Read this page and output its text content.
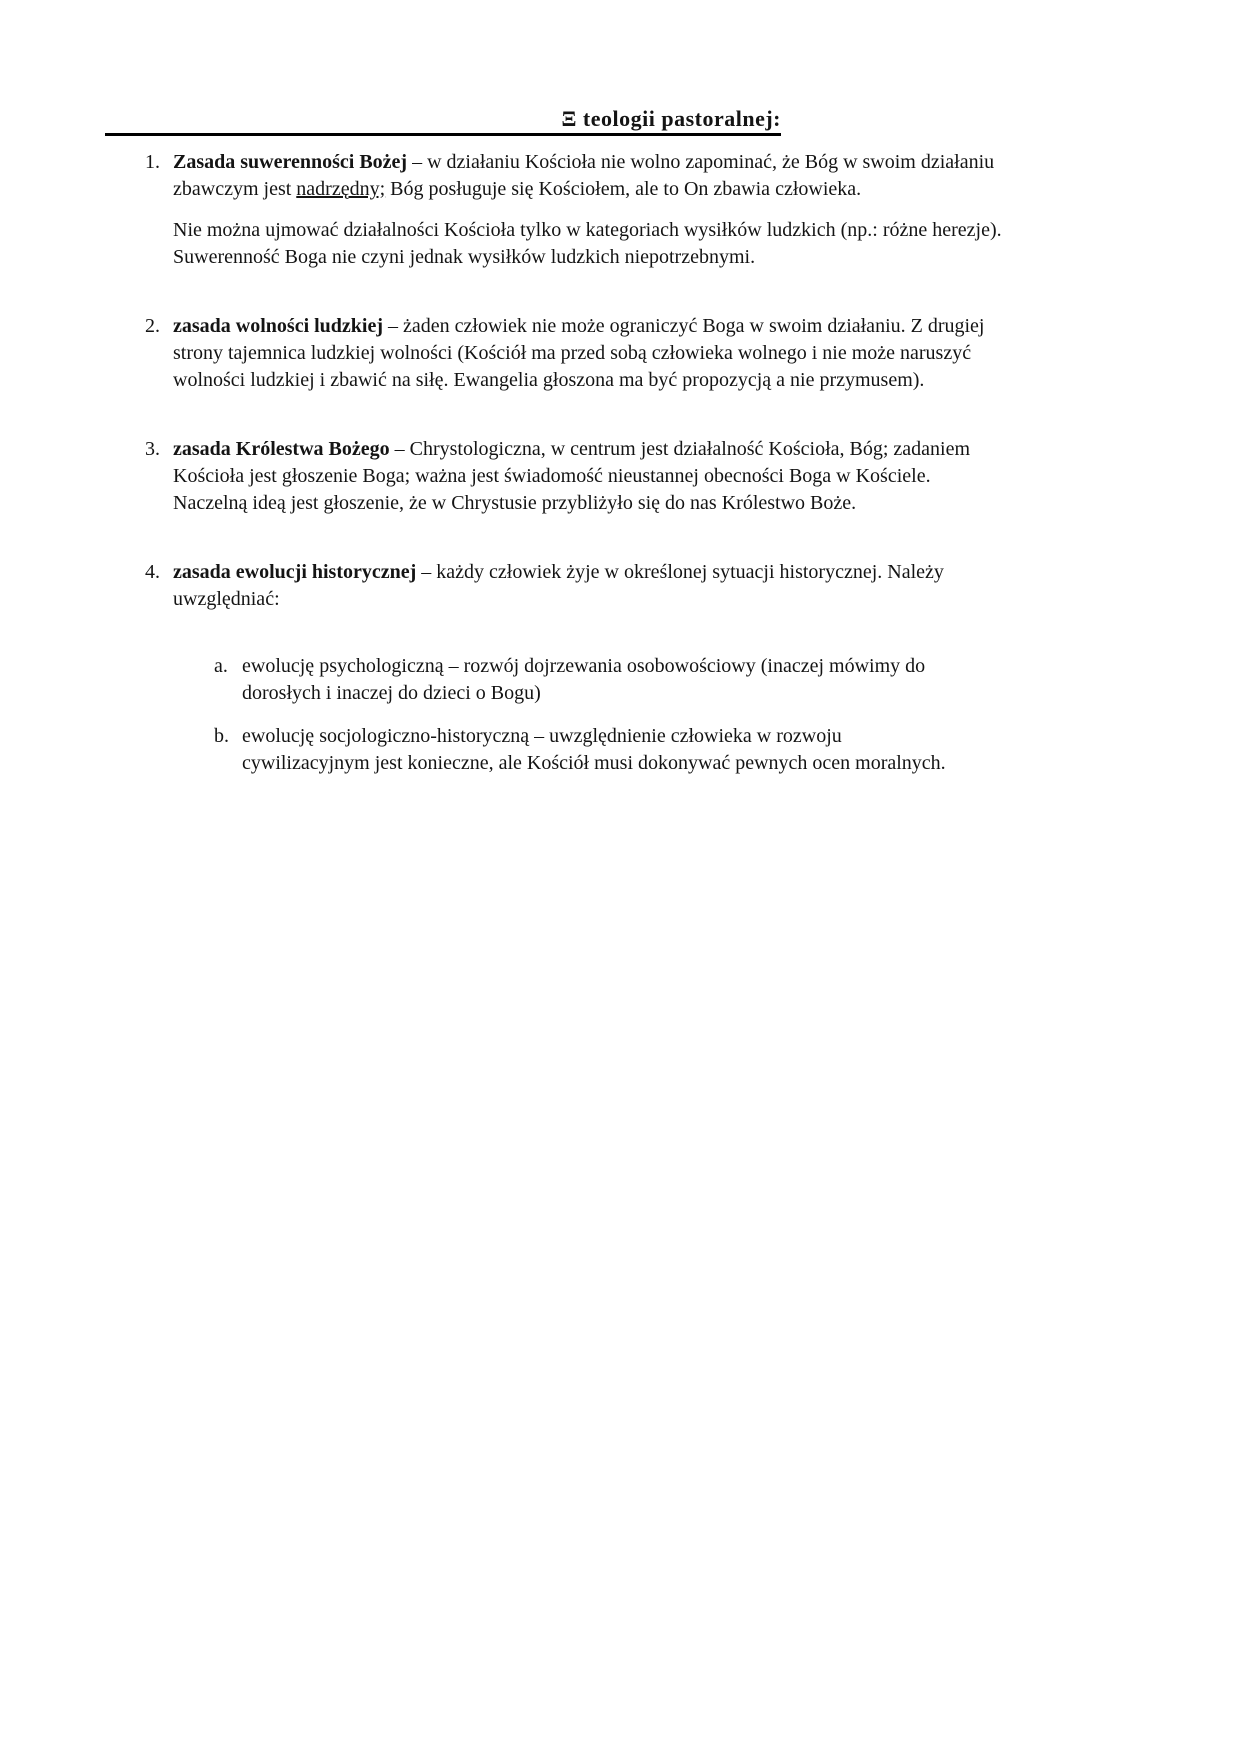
Ξ teologii pastoralnej:
1. Zasada suwerenności Bożej – w działaniu Kościoła nie wolno zapominać, że Bóg w swoim działaniu zbawczym jest nadrzędny; Bóg posługuje się Kościołem, ale to On zbawia człowieka.

Nie można ujmować działalności Kościoła tylko w kategoriach wysiłków ludzkich (np.: różne herezje). Suwerenność Boga nie czyni jednak wysiłków ludzkich niepotrzebnymi.

2. zasada wolności ludzkiej – żaden człowiek nie może ograniczyć Boga w swoim działaniu. Z drugiej strony tajemnica ludzkiej wolności (Kościół ma przed sobą człowieka wolnego i nie może naruszyć wolności ludzkiej i zbawić na siłę. Ewangelia głoszona ma być propozycją a nie przymusem).

3. zasada Królestwa Bożego – Chrystologiczna, w centrum jest działalność Kościoła, Bóg; zadaniem Kościoła jest głoszenie Boga; ważna jest świadomość nieustannej obecności Boga w Kościele. Naczelną ideą jest głoszenie, że w Chrystusie przybliżyło się do nas Królestwo Boże.

4. zasada ewolucji historycznej – każdy człowiek żyje w określonej sytuacji historycznej. Należy uwzględniać:

a. ewolucję psychologiczną – rozwój dojrzewania osobowościowy (inaczej mówimy do dorosłych i inaczej do dzieci o Bogu)
b. ewolucję socjologiczno-historyczną – uwzględnienie człowieka w rozwoju cywilizacyjnym jest konieczne, ale Kościół musi dokonywać pewnych ocen moralnych.
